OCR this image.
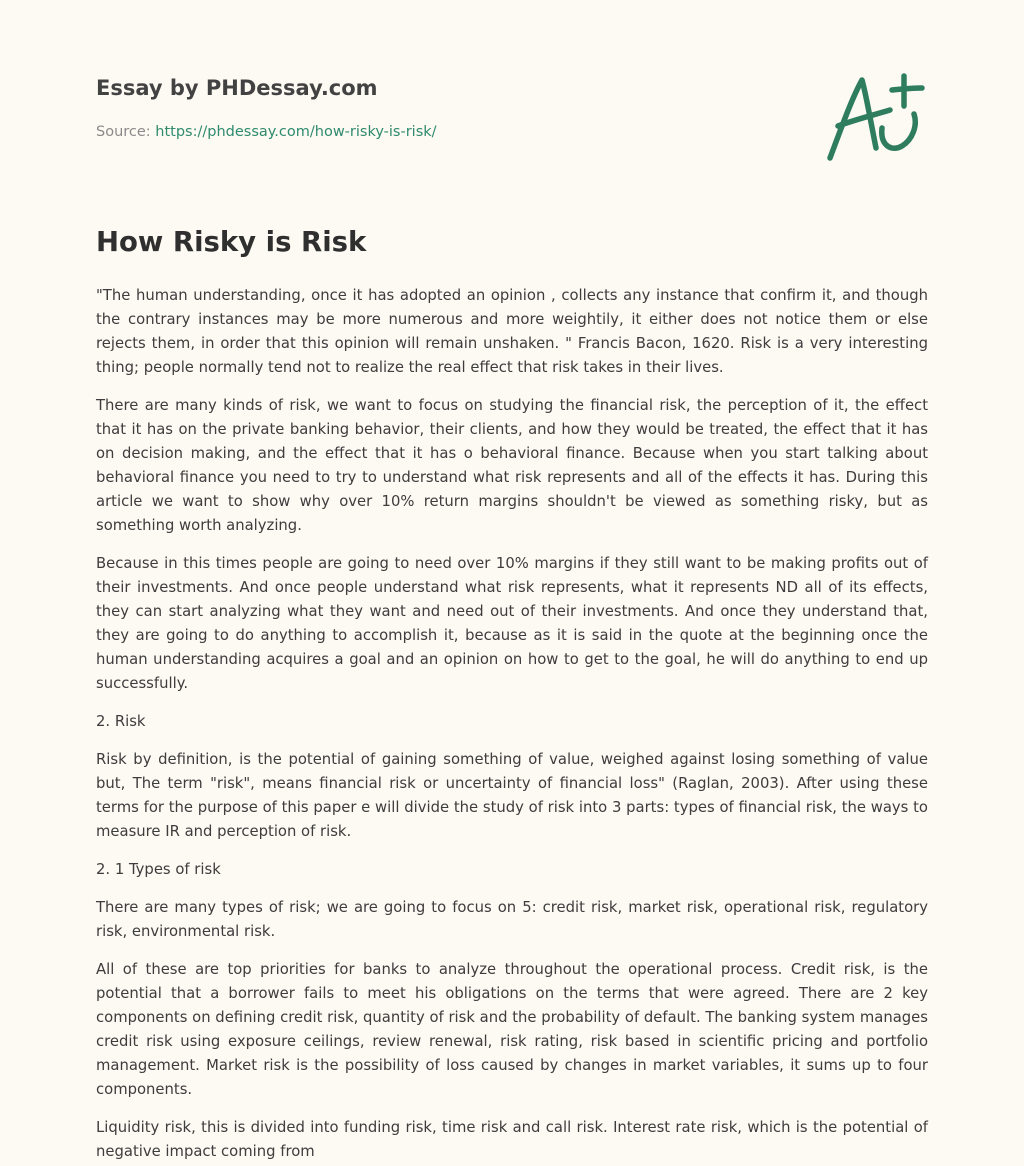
Essay by PHDessay.com
Source: https://phdessay.com/how-risky-is-risk/
How Risky is Risk

"The human understanding, once it has adopted an opinion , collects any instance that confirm it, and though the contrary instances may be more numerous and more weightily, it either does not notice them or else rejects them, in order that this opinion will remain unshaken. " Francis Bacon, 1620. Risk is a very interesting thing; people normally tend not to realize the real effect that risk takes in their lives.

There are many kinds of risk, we want to focus on studying the financial risk, the perception of it, the effect that it has on the private banking behavior, their clients, and how they would be treated, the effect that it has on decision making, and the effect that it has o behavioral finance. Because when you start talking about behavioral finance you need to try to understand what risk represents and all of the effects it has. During this article we want to show why over 10% return margins shouldn't be viewed as something risky, but as something worth analyzing.

Because in this times people are going to need over 10% margins if they still want to be making profits out of their investments. And once people understand what risk represents, what it represents ND all of its effects, they can start analyzing what they want and need out of their investments. And once they understand that, they are going to do anything to accomplish it, because as it is said in the quote at the beginning once the human understanding acquires a goal and an opinion on how to get to the goal, he will do anything to end up successfully.

2. Risk

Risk by definition, is the potential of gaining something of value, weighed against losing something of value but, The term "risk", means financial risk or uncertainty of financial loss" (Raglan, 2003). After using these terms for the purpose of this paper e will divide the study of risk into 3 parts: types of financial risk, the ways to measure IR and perception of risk.

2. 1 Types of risk

There are many types of risk; we are going to focus on 5: credit risk, market risk, operational risk, regulatory risk, environmental risk.

All of these are top priorities for banks to analyze throughout the operational process. Credit risk, is the potential that a borrower fails to meet his obligations on the terms that were agreed. There are 2 key components on defining credit risk, quantity of risk and the probability of default. The banking system manages credit risk using exposure ceilings, review renewal, risk rating, risk based in scientific pricing and portfolio management. Market risk is the possibility of loss caused by changes in market variables, it sums up to four components.

Liquidity risk, this is divided into funding risk, time risk and call risk. Interest rate risk, which is the potential of negative impact coming from
